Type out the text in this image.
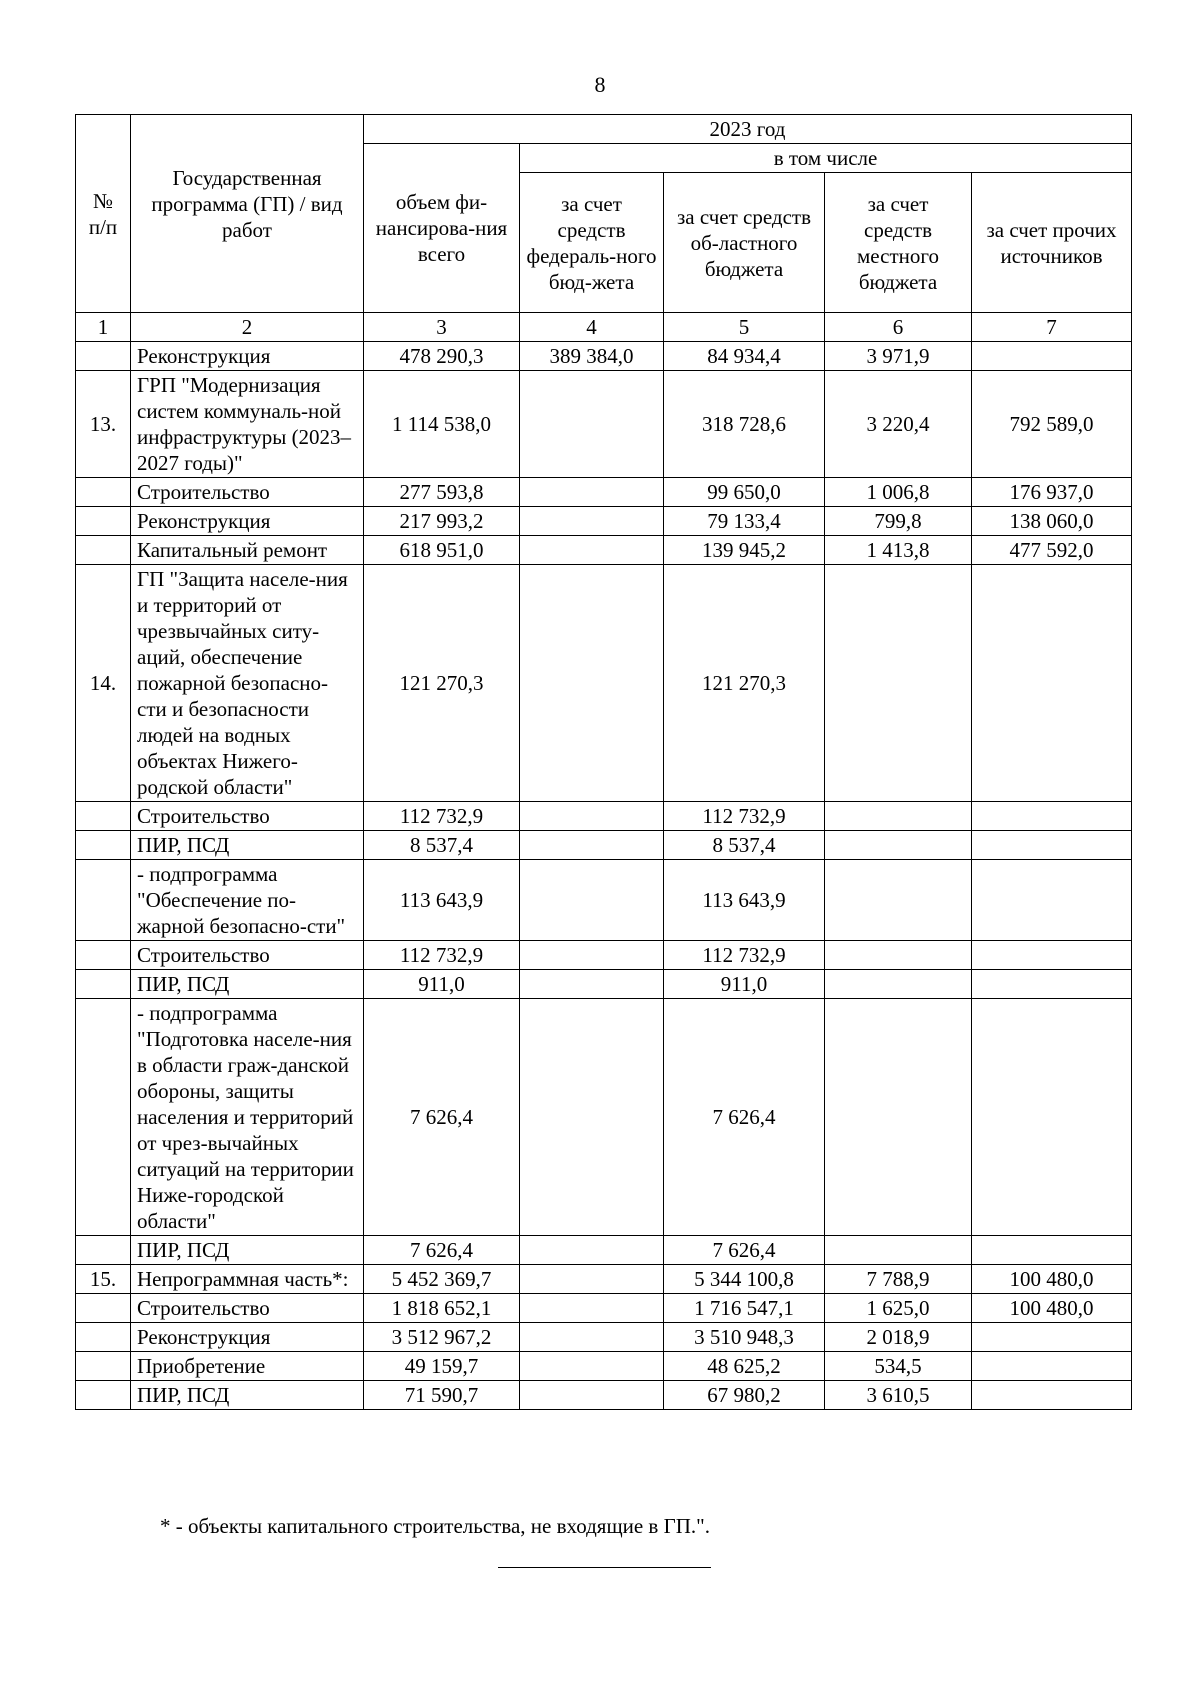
8
№ п/п	Государственная программа (ГП) / вид работ	2023 год				
		объем фи-нансирова-ния всего	в том числе			
			за счет средств федераль-ного бюд-жета	за счет средств об-ластного бюджета	за счет средств местного бюджета	за счет прочих источников
1	2	3	4	5	6	7
	Реконструкция	478 290,3	389 384,0	84 934,4	3 971,9	
13.	ГРП "Модернизация систем коммуналь-ной инфраструктуры (2023–2027 годы)"	1 114 538,0		318 728,6	3 220,4	792 589,0
	Строительство	277 593,8		99 650,0	1 006,8	176 937,0
	Реконструкция	217 993,2		79 133,4	799,8	138 060,0
	Капитальный ремонт	618 951,0		139 945,2	1 413,8	477 592,0
14.	ГП "Защита населе-ния и территорий от чрезвычайных ситу-аций, обеспечение пожарной безопасно-сти и безопасности людей на водных объектах Нижего-родской области"	121 270,3		121 270,3		
	Строительство	112 732,9		112 732,9		
	ПИР, ПСД	8 537,4		8 537,4		
	- подпрограмма "Обеспечение по-жарной безопасно-сти"	113 643,9		113 643,9		
	Строительство	112 732,9		112 732,9		
	ПИР, ПСД	911,0		911,0		
	- подпрограмма "Подготовка населе-ния в области граж-данской обороны, защиты населения и территорий от чрез-вычайных ситуаций на территории Ниже-городской области"	7 626,4		7 626,4		
	ПИР, ПСД	7 626,4		7 626,4		
15.	Непрограммная часть*:	5 452 369,7		5 344 100,8	7 788,9	100 480,0
	Строительство	1 818 652,1		1 716 547,1	1 625,0	100 480,0
	Реконструкция	3 512 967,2		3 510 948,3	2 018,9	
	Приобретение	49 159,7		48 625,2	534,5	
	ПИР, ПСД	71 590,7		67 980,2	3 610,5	
* - объекты капитального строительства, не входящие в ГП.".
